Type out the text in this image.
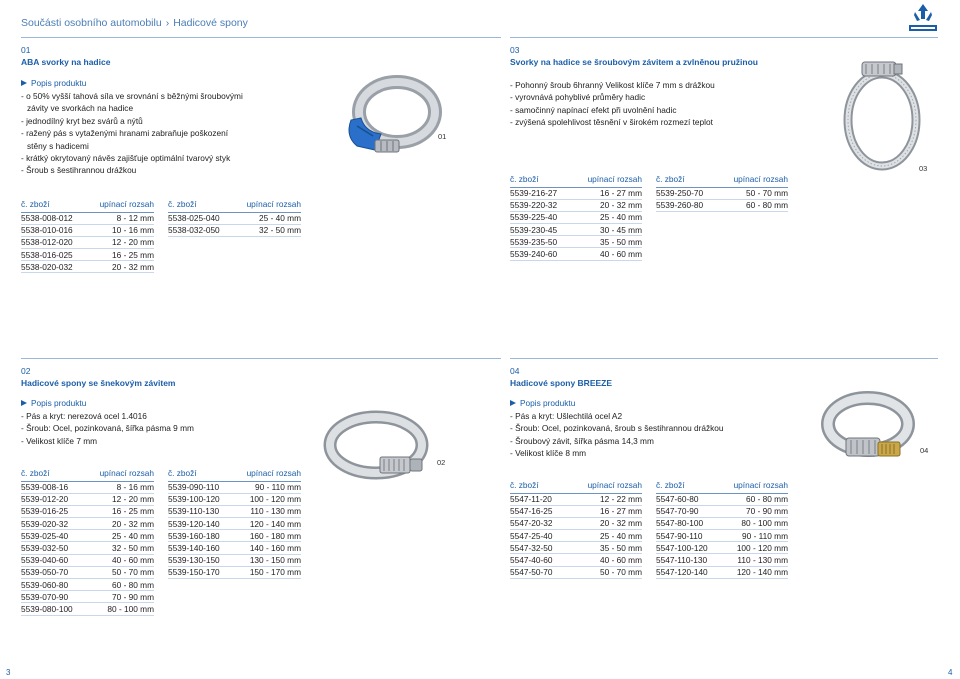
Součásti osobního automobilu › Hadicové spony
01
ABA svorky na hadice
Popis produktu
- o 50% vyšší tahová síla ve srovnání s běžnými šroubovými
závity ve svorkách na hadice
- jednodílný kryt bez svárů a nýtů
- ražený pás s vytaženými hranami zabraňuje poškození
stěny s hadicemi
- krátký okrytovaný návěs zajišťuje optimální tvarový styk
- Šroub s šestihrannou drážkou
č. zboží	upínací rozsah
5538-008-012	8 - 12 mm
5538-010-016	10 - 16 mm
5538-012-020	12 - 20 mm
5538-016-025	16 - 25 mm
5538-020-032	20 - 32 mm
č. zboží	upínací rozsah
5538-025-040	25 - 40 mm
5538-032-050	32 - 50 mm
01
03
Svorky na hadice se šroubovým závitem a zvlněnou pružinou
- Pohonný šroub 6hranný Velikost klíče 7 mm s drážkou
- vyrovnává pohyblivé průměry hadic
- samočinný napínací efekt při uvolnění hadic
- zvýšená spolehlivost těsnění v širokém rozmezí teplot
č. zboží	upínací rozsah
5539-216-27	16 - 27 mm
5539-220-32	20 - 32 mm
5539-225-40	25 - 40 mm
5539-230-45	30 - 45 mm
5539-235-50	35 - 50 mm
5539-240-60	40 - 60 mm
č. zboží	upínací rozsah
5539-250-70	50 - 70 mm
5539-260-80	60 - 80 mm
03
02
Hadicové spony se šnekovým závitem
Popis produktu
- Pás a kryt: nerezová ocel 1.4016
- Šroub: Ocel, pozinkovaná, šířka pásma 9 mm
- Velikost klíče 7 mm
č. zboží	upínací rozsah
5539-008-16	8 - 16 mm
5539-012-20	12 - 20 mm
5539-016-25	16 - 25 mm
5539-020-32	20 - 32 mm
5539-025-40	25 - 40 mm
5539-032-50	32 - 50 mm
5539-040-60	40 - 60 mm
5539-050-70	50 - 70 mm
5539-060-80	60 - 80 mm
5539-070-90	70 - 90 mm
5539-080-100	80 - 100 mm
č. zboží	upínací rozsah
5539-090-110	90 - 110 mm
5539-100-120	100 - 120 mm
5539-110-130	110 - 130 mm
5539-120-140	120 - 140 mm
5539-160-180	160 - 180 mm
5539-140-160	140 - 160 mm
5539-130-150	130 - 150 mm
5539-150-170	150 - 170 mm
02
04
Hadicové spony BREEZE
Popis produktu
- Pás a kryt: Ušlechtilá ocel A2
- Šroub: Ocel, pozinkovaná, šroub s šestihrannou drážkou
- Šroubový závit, šířka pásma 14,3 mm
- Velikost klíče 8 mm
č. zboží	upínací rozsah
5547-11-20	12 - 22 mm
5547-16-25	16 - 27 mm
5547-20-32	20 - 32 mm
5547-25-40	25 - 40 mm
5547-32-50	35 - 50 mm
5547-40-60	40 - 60 mm
5547-50-70	50 - 70 mm
č. zboží	upínací rozsah
5547-60-80	60 - 80 mm
5547-70-90	70 - 90 mm
5547-80-100	80 - 100 mm
5547-90-110	90 - 110 mm
5547-100-120	100 - 120 mm
5547-110-130	110 - 130 mm
5547-120-140	120 - 140 mm
04
3	4
